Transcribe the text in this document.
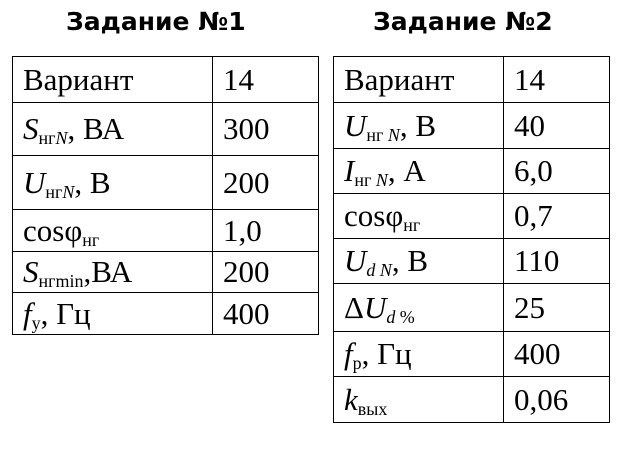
Задание №1	Задание №2
Вариант	14
$S_{нгN}$, ВА	300
$U_{нгN}$, В	200
cosφ$_{нг}$	1,0
$S_{нгmin},ВА$	200
$f_у$, Гц	400
Вариант	14
$U_{нг N}$, В	40
$I_{нг N}$, А	6,0
cosφ$_{нг}$	0,7
$U_{d N}$, В	110
$\Delta U_{d \%}$	25
$f_р$, Гц	400
$k_{вых}$	0,06
